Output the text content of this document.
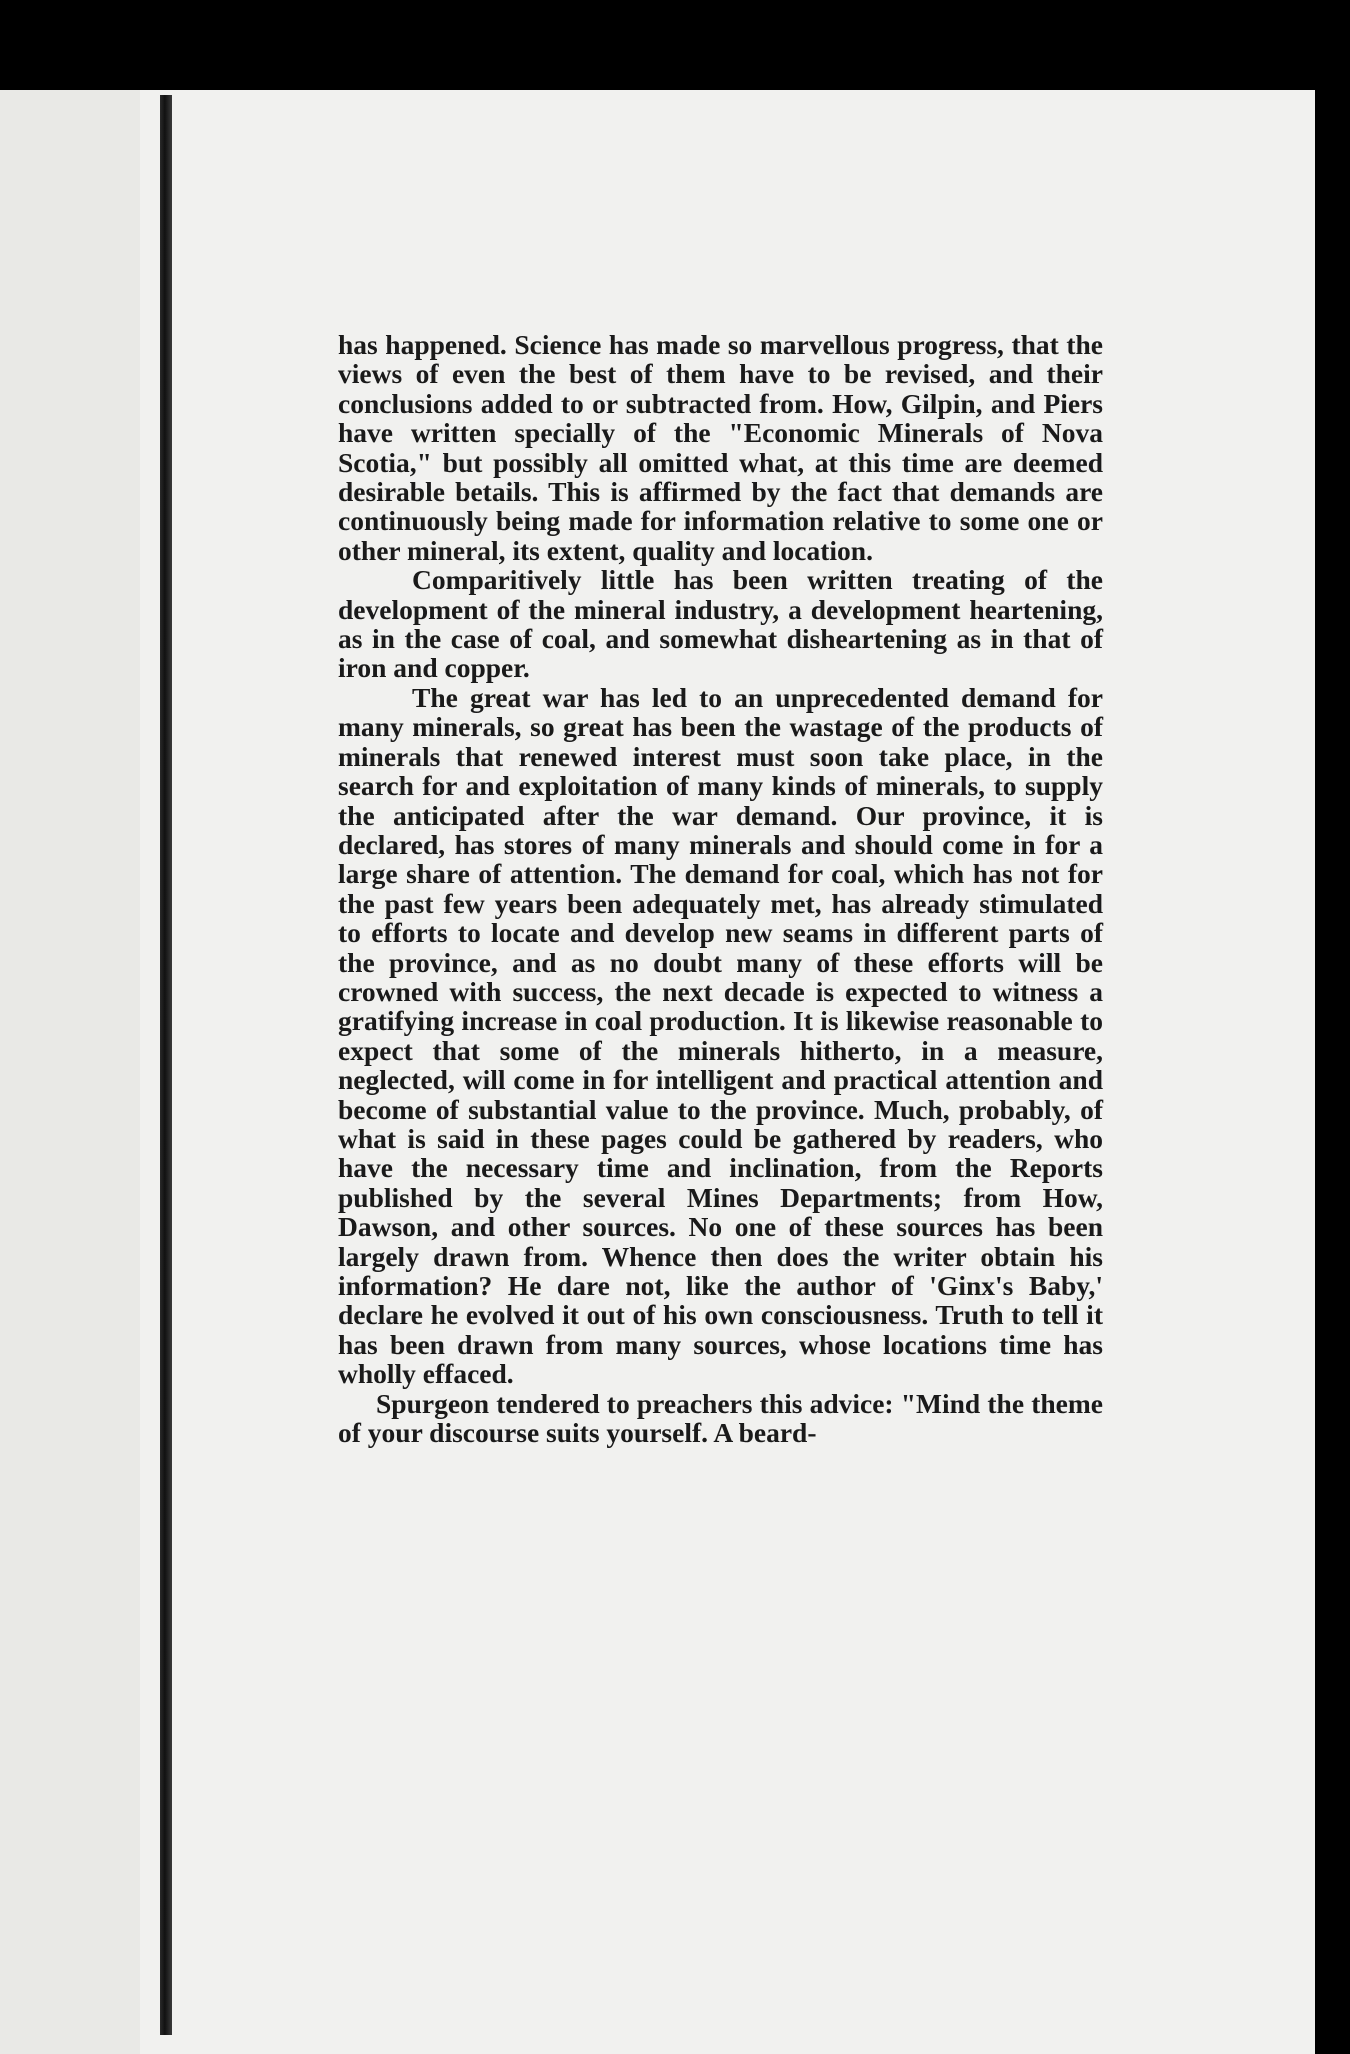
has happened. Science has made so marvellous progress, that the views of even the best of them have to be revised, and their conclusions added to or subtracted from. How, Gilpin, and Piers have written specially of the "Economic Minerals of Nova Scotia," but possibly all omitted what, at this time are deemed desirable betails. This is affirmed by the fact that demands are continuously being made for information relative to some one or other mineral, its extent, quality and location.

Comparitively little has been written treating of the development of the mineral industry, a development heartening, as in the case of coal, and somewhat disheartening as in that of iron and copper.

The great war has led to an unprecedented demand for many minerals, so great has been the wastage of the products of minerals that renewed interest must soon take place, in the search for and exploitation of many kinds of minerals, to supply the anticipated after the war demand. Our province, it is declared, has stores of many minerals and should come in for a large share of attention. The demand for coal, which has not for the past few years been adequately met, has already stimulated to efforts to locate and develop new seams in different parts of the province, and as no doubt many of these efforts will be crowned with success, the next decade is expected to witness a gratifying increase in coal production. It is likewise reasonable to expect that some of the minerals hitherto, in a measure, neglected, will come in for intelligent and practical attention and become of substantial value to the province. Much, probably, of what is said in these pages could be gathered by readers, who have the necessary time and inclination, from the Reports published by the several Mines Departments; from How, Dawson, and other sources. No one of these sources has been largely drawn from. Whence then does the writer obtain his information? He dare not, like the author of 'Ginx's Baby,' declare he evolved it out of his own consciousness. Truth to tell it has been drawn from many sources, whose locations time has wholly effaced.

Spurgeon tendered to preachers this advice: "Mind the theme of your discourse suits yourself. A beard-
